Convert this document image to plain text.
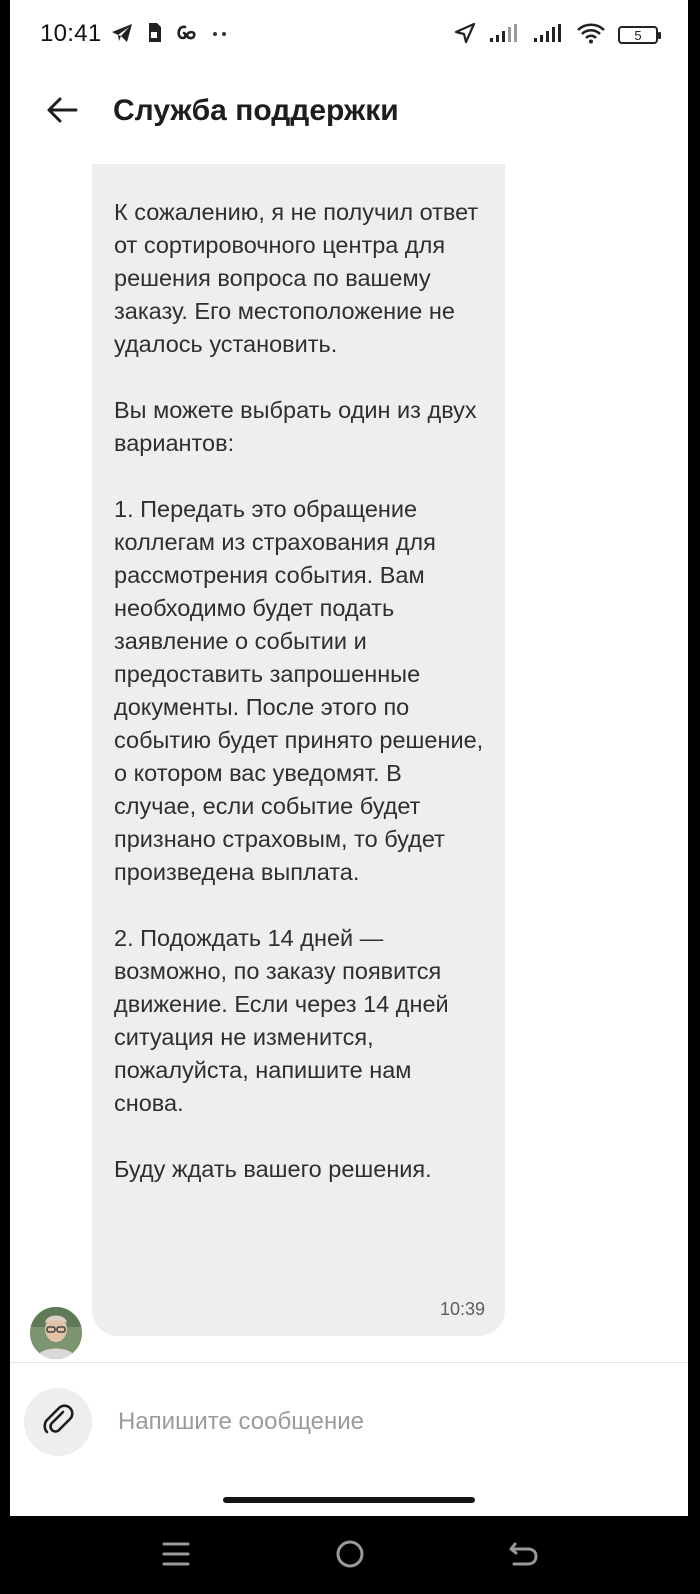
10:41	5
Служба поддержки

К сожалению, я не получил ответ от сортировочного центра для решения вопроса по вашему заказу. Его местоположение не удалось установить.

Вы можете выбрать один из двух вариантов:

1. Передать это обращение коллегам из страхования для рассмотрения события. Вам необходимо будет подать заявление о событии и предоставить запрошенные документы. После этого по событию будет принято решение, о котором вас уведомят. В случае, если событие будет признано страховым, то будет произведена выплата.

2. Подождать 14 дней — возможно, по заказу появится движение. Если через 14 дней ситуация не изменится, пожалуйста, напишите нам снова.

Буду ждать вашего решения.
10:39
Напишите сообщение
